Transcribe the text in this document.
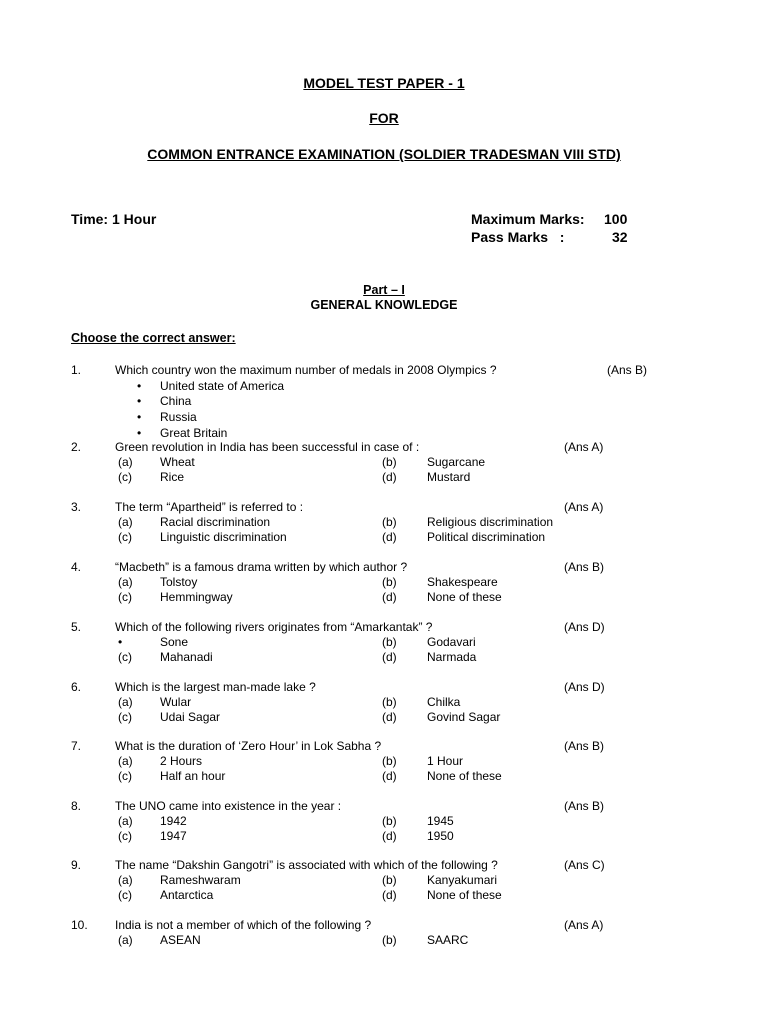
MODEL TEST PAPER - 1
FOR
COMMON ENTRANCE EXAMINATION (SOLDIER TRADESMAN VIII STD)
Time: 1 Hour	Maximum Marks: 100
Pass Marks   :	32
Part – I
GENERAL KNOWLEDGE
Choose the correct answer:
1.	Which country won the maximum number of medals in 2008 Olympics ?	(Ans B)
•
United state of America
•
China
•
Russia
•
Great Britain
2.	Green revolution in India has been successful in case of :	(Ans A)
(a) Wheat	(b)	Sugarcane
(c) Rice	(d)	Mustard
3.	The term “Apartheid” is referred to :	(Ans A)
(a) Racial discrimination	(b)	Religious discrimination
(c) Linguistic discrimination	(d)	Political discrimination
4.	“Macbeth” is a famous drama written by which author ?	(Ans B)
(a) Tolstoy	(b)	Shakespeare
(c) Hemmingway	(d)	None of these
5.	Which of the following rivers originates from “Amarkantak” ?	(Ans D)
•	Sone	(b)	Godavari
(c) Mahanadi	(d)	Narmada
6.	Which is the largest man-made lake ?	(Ans D)
(a) Wular	(b)	Chilka
(c) Udai Sagar	(d)	Govind Sagar
7.	What is the duration of ‘Zero Hour’ in Lok Sabha ?	(Ans B)
(a) 2 Hours	(b)	1 Hour
(c) Half an hour	(d)	None of these
8.	The UNO came into existence in the year :	(Ans B)
(a) 1942	(b)	1945
(c) 1947	(d)	1950
9.	The name “Dakshin Gangotri” is associated with which of the following ?	(Ans C)
(a) Rameshwaram	(b)	Kanyakumari
(c) Antarctica	(d)	None of these
10. India is not a member of which of the following ?	(Ans A)
(a) ASEAN	(b)	SAARC
